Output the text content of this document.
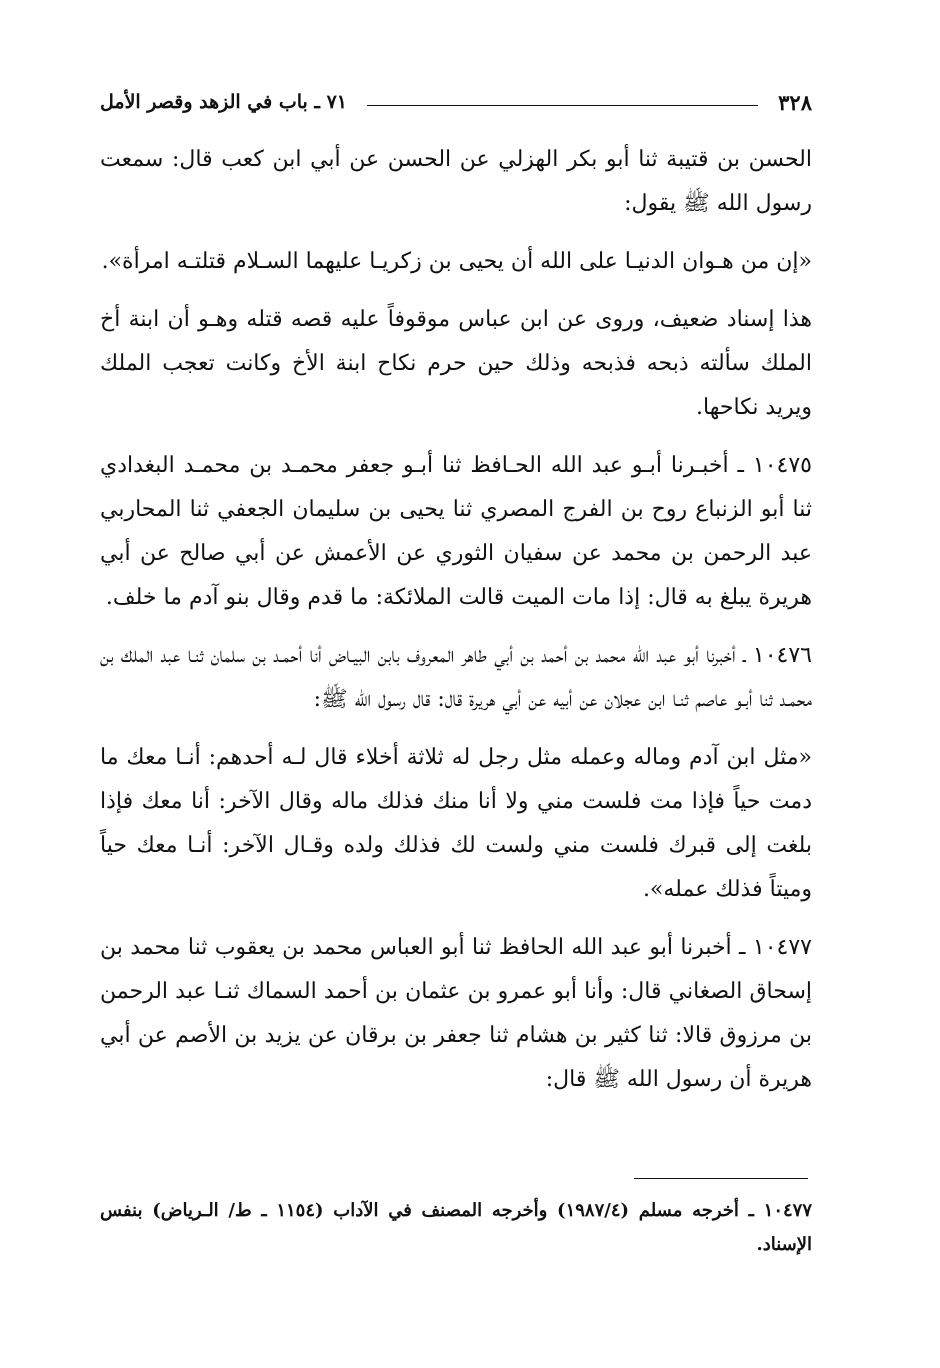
٣٢٨
٧١ ـ باب في الزهد وقصر الأمل

الحسن بن قتيبة ثنا أبو بكر الهزلي عن الحسن عن أبي ابن كعب قال: سمعت رسول الله ﷺ يقول:

«إن من هـوان الدنيـا على الله أن يحيى بن زكريـا عليهما السـلام قتلتـه امرأة».

هذا إسناد ضعيف، وروى عن ابن عباس موقوفاً عليه قصه قتله وهـو أن ابنة أخ الملك سألته ذبحه فذبحه وذلك حين حرم نكاح ابنة الأخ وكانت تعجب الملك ويريد نكاحها.

١٠٤٧٥ ـ أخبـرنا أبـو عبد الله الحـافظ ثنا أبـو جعفر محمـد بن محمـد البغدادي ثنا أبو الزنباع روح بن الفرج المصري ثنا يحيى بن سليمان الجعفي ثنا المحاربي عبد الرحمن بن محمد عن سفيان الثوري عن الأعمش عن أبي صالح عن أبي هريرة يبلغ به قال: إذا مات الميت قالت الملائكة: ما قدم وقال بنو آدم ما خلف.

١٠٤٧٦ ـ أخبرنا أبو عبد الله محمد بن أحمد بن أبي طاهر المعروف بابن البيـاض أنا أحمـد بن سلمان ثنـا عبد الملك بن محمـد ثنا أبـو عاصم ثنـا ابن عجلان عن أبيه عن أبي هريرة قال: قال رسول الله ﷺ:

«مثل ابن آدم وماله وعمله مثل رجل له ثلاثة أخلاء قال لـه أحدهم: أنـا معك ما دمت حياً فإذا مت فلست مني ولا أنا منك فذلك ماله وقال الآخر: أنا معك فإذا بلغت إلى قبرك فلست مني ولست لك فذلك ولده وقـال الآخر: أنـا معك حياً وميتاً فذلك عمله».

١٠٤٧٧ ـ أخبرنا أبو عبد الله الحافظ ثنا أبو العباس محمد بن يعقوب ثنا محمد بن إسحاق الصغاني قال: وأنا أبو عمرو بن عثمان بن أحمد السماك ثنـا عبد الرحمن بن مرزوق قالا: ثنا كثير بن هشام ثنا جعفر بن برقان عن يزيد بن الأصم عن أبي هريرة أن رسول الله ﷺ قال:

١٠٤٧٧ ـ أخرجه مسلم (١٩٨٧/٤) وأخرجه المصنف في الآداب (١١٥٤ ـ ط/ الـرياض) بنفس الإسناد.
